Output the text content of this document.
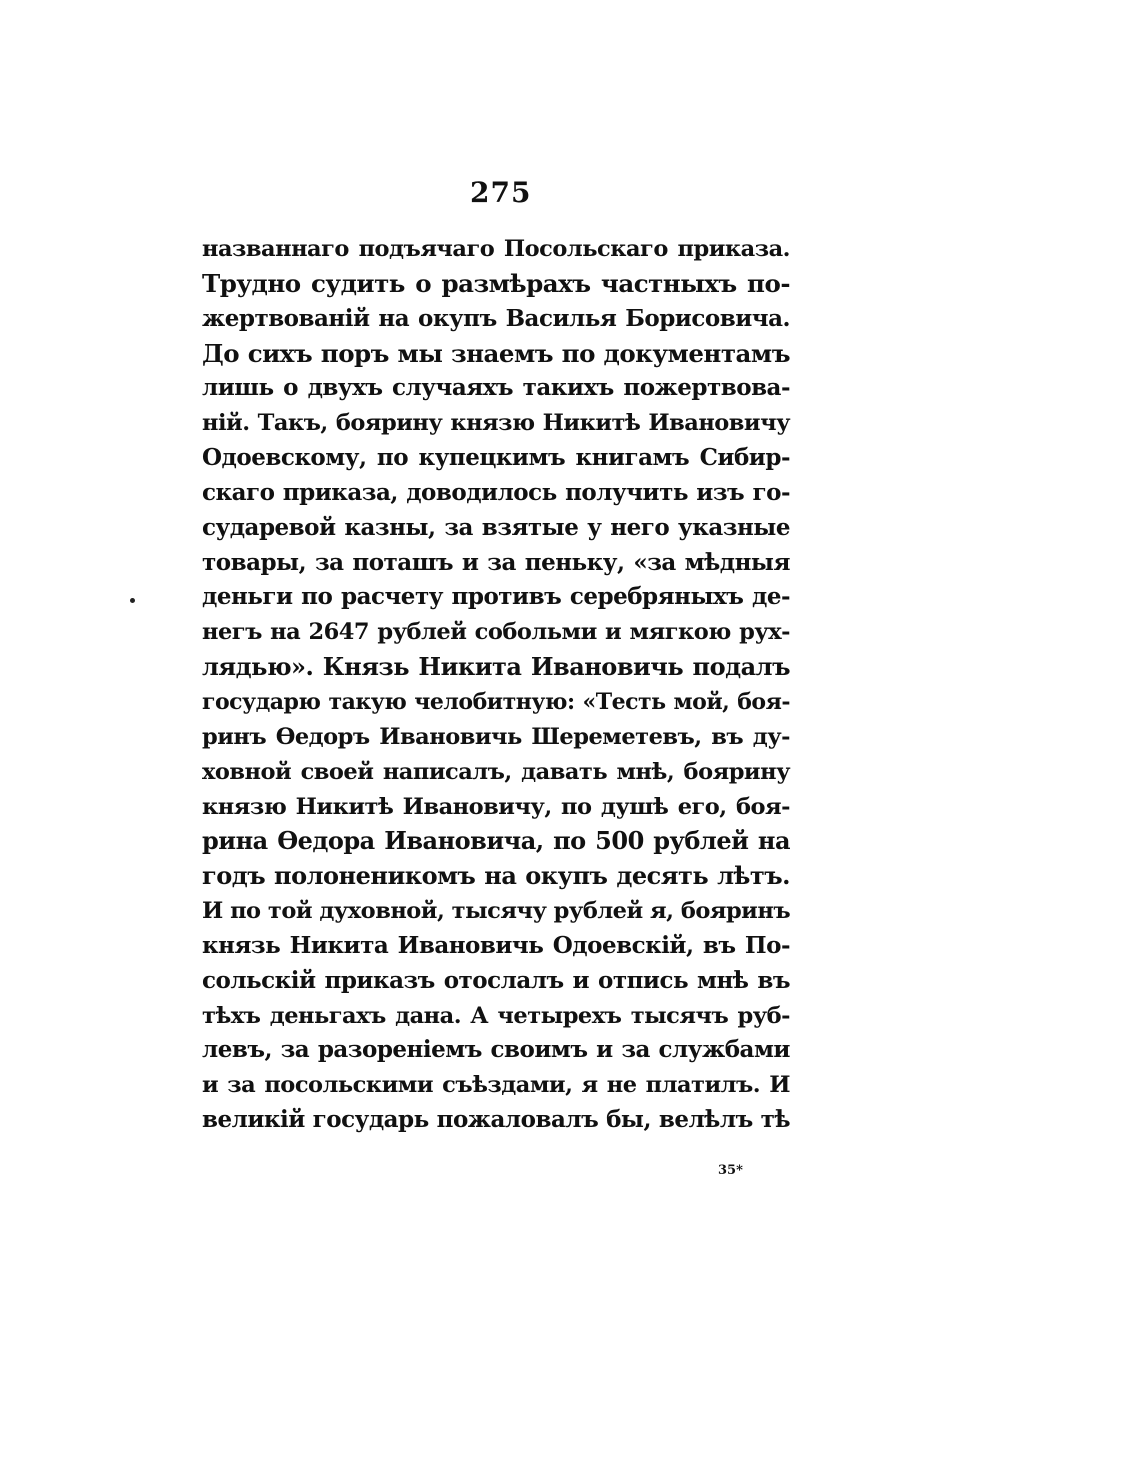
275
названнаго подъячаго Посольскаго приказа.
Трудно судить о размѣрахъ частныхъ по-
жертвованій на окупъ Василья Борисовича.
До сихъ поръ мы знаемъ по документамъ
лишь о двухъ случаяхъ такихъ пожертвова-
ній. Такъ, боярину князю Никитѣ Ивановичу
Одоевскому, по купецкимъ книгамъ Сибир-
скаго приказа, доводилось получить изъ го-
сударевой казны, за взятые у него указные
товары, за поташъ и за пеньку, «за мѣдныя
деньги по расчету противъ серебряныхъ де-
негъ на 2647 рублей собольми и мягкою рух-
лядью». Князь Никита Ивановичь подалъ
государю такую челобитную: «Тесть мой, боя-
ринъ Ѳедоръ Ивановичь Шереметевъ, въ ду-
ховной своей написалъ, давать мнѣ, боярину
князю Никитѣ Ивановичу, по душѣ его, боя-
рина Ѳедора Ивановича, по 500 рублей на
годъ полоненикомъ на окупъ десять лѣтъ.
И по той духовной, тысячу рублей я, бояринъ
князь Никита Ивановичь Одоевскій, въ По-
сольскій приказъ отослалъ и отпись мнѣ въ
тѣхъ деньгахъ дана. А четырехъ тысячъ руб-
левъ, за разореніемъ своимъ и за службами
и за посольскими съѣздами, я не платилъ. И
великій государь пожаловалъ бы, велѣлъ тѣ
35*
